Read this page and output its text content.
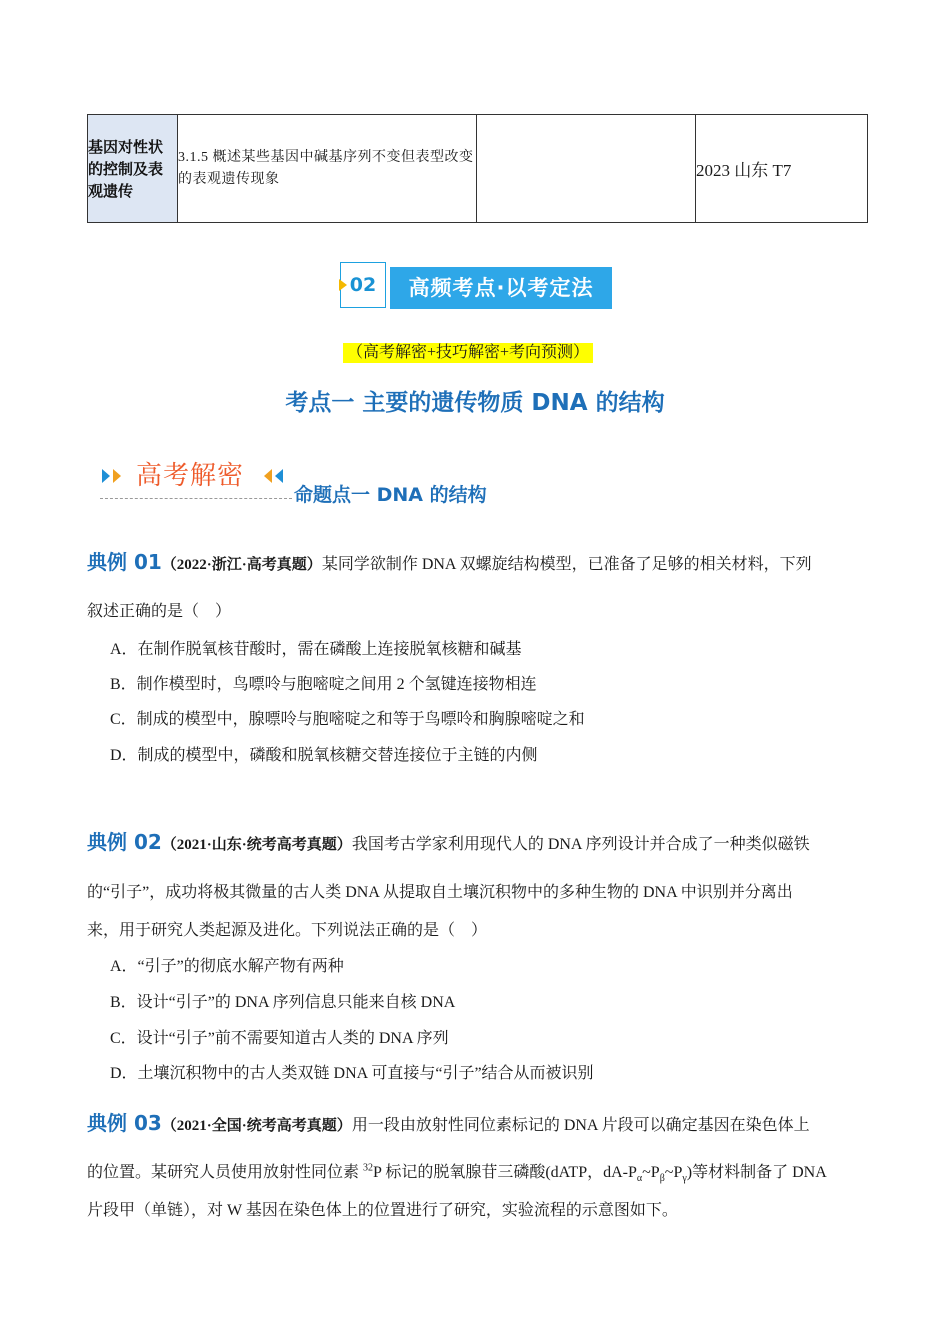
基因对性状的控制及表观遗传	3.1.5 概述某些基因中碱基序列不变但表型改变的表观遗传现象		2023 山东 T7
02	高频考点·以考定法
（高考解密+技巧解密+考向预测）
考点一 主要的遗传物质 DNA 的结构
高考解密
命题点一 DNA 的结构
典例 01（2022·浙江·高考真题）某同学欲制作 DNA 双螺旋结构模型，已准备了足够的相关材料，下列
叙述正确的是（　）
A．在制作脱氧核苷酸时，需在磷酸上连接脱氧核糖和碱基
B．制作模型时，鸟嘌呤与胞嘧啶之间用 2 个氢键连接物相连
C．制成的模型中，腺嘌呤与胞嘧啶之和等于鸟嘌呤和胸腺嘧啶之和
D．制成的模型中，磷酸和脱氧核糖交替连接位于主链的内侧
典例 02（2021·山东·统考高考真题）我国考古学家利用现代人的 DNA 序列设计并合成了一种类似磁铁
的“引子”，成功将极其微量的古人类 DNA 从提取自土壤沉积物中的多种生物的 DNA 中识别并分离出
来，用于研究人类起源及进化。下列说法正确的是（　）
A．“引子”的彻底水解产物有两种
B．设计“引子”的 DNA 序列信息只能来自核 DNA
C．设计“引子”前不需要知道古人类的 DNA 序列
D．土壤沉积物中的古人类双链 DNA 可直接与“引子”结合从而被识别
典例 03（2021·全国·统考高考真题）用一段由放射性同位素标记的 DNA 片段可以确定基因在染色体上
的位置。某研究人员使用放射性同位素 $^{32}$P 标记的脱氧腺苷三磷酸(dATP，$dA-P_\alpha\sim P_\beta\sim P_\gamma$)等材料制备了 DNA
片段甲（单链），对 W 基因在染色体上的位置进行了研究，实验流程的示意图如下。
